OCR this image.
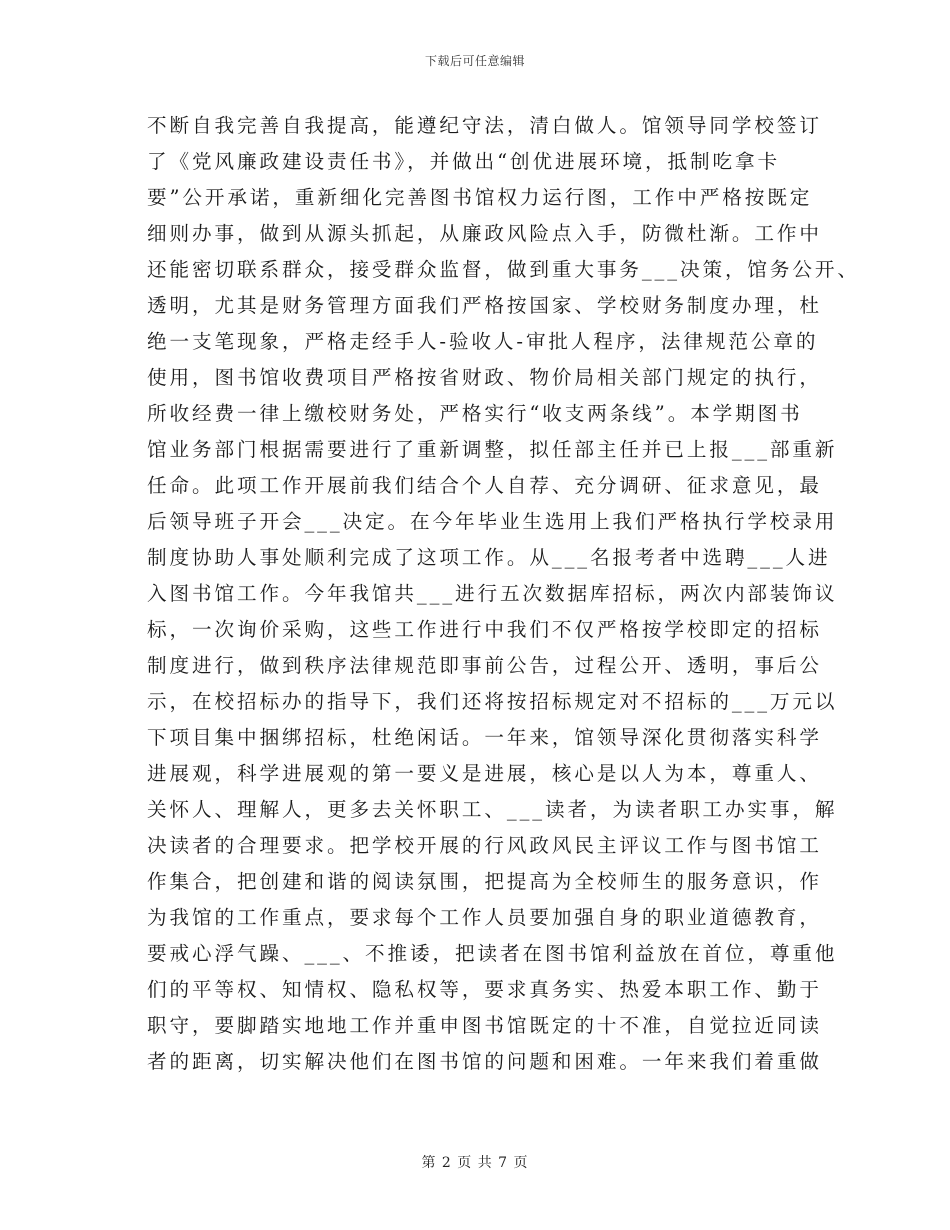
下载后可任意编辑
不断自我完善自我提高，能遵纪守法，清白做人。馆领导同学校签订
了《党风廉政建设责任书》，并做出“创优进展环境，抵制吃拿卡
要”公开承诺，重新细化完善图书馆权力运行图，工作中严格按既定
细则办事，做到从源头抓起，从廉政风险点入手，防微杜渐。工作中
还能密切联系群众，接受群众监督，做到重大事务___决策，馆务公开、
透明，尤其是财务管理方面我们严格按国家、学校财务制度办理，杜
绝一支笔现象，严格走经手人-验收人-审批人程序，法律规范公章的
使用，图书馆收费项目严格按省财政、物价局相关部门规定的执行，
所收经费一律上缴校财务处，严格实行“收支两条线”。本学期图书
馆业务部门根据需要进行了重新调整，拟任部主任并已上报___部重新
任命。此项工作开展前我们结合个人自荐、充分调研、征求意见，最
后领导班子开会___决定。在今年毕业生选用上我们严格执行学校录用
制度协助人事处顺利完成了这项工作。从___名报考者中选聘___人进
入图书馆工作。今年我馆共___进行五次数据库招标，两次内部装饰议
标，一次询价采购，这些工作进行中我们不仅严格按学校即定的招标
制度进行，做到秩序法律规范即事前公告，过程公开、透明，事后公
示，在校招标办的指导下，我们还将按招标规定对不招标的___万元以
下项目集中捆绑招标，杜绝闲话。一年来，馆领导深化贯彻落实科学
进展观，科学进展观的第一要义是进展，核心是以人为本，尊重人、
关怀人、理解人，更多去关怀职工、___读者，为读者职工办实事，解
决读者的合理要求。把学校开展的行风政风民主评议工作与图书馆工
作集合，把创建和谐的阅读氛围，把提高为全校师生的服务意识，作
为我馆的工作重点，要求每个工作人员要加强自身的职业道德教育，
要戒心浮气躁、___、不推诿，把读者在图书馆利益放在首位，尊重他
们的平等权、知情权、隐私权等，要求真务实、热爱本职工作、勤于
职守，要脚踏实地地工作并重申图书馆既定的十不准，自觉拉近同读
者的距离，切实解决他们在图书馆的问题和困难。一年来我们着重做
第 2 页 共 7 页
